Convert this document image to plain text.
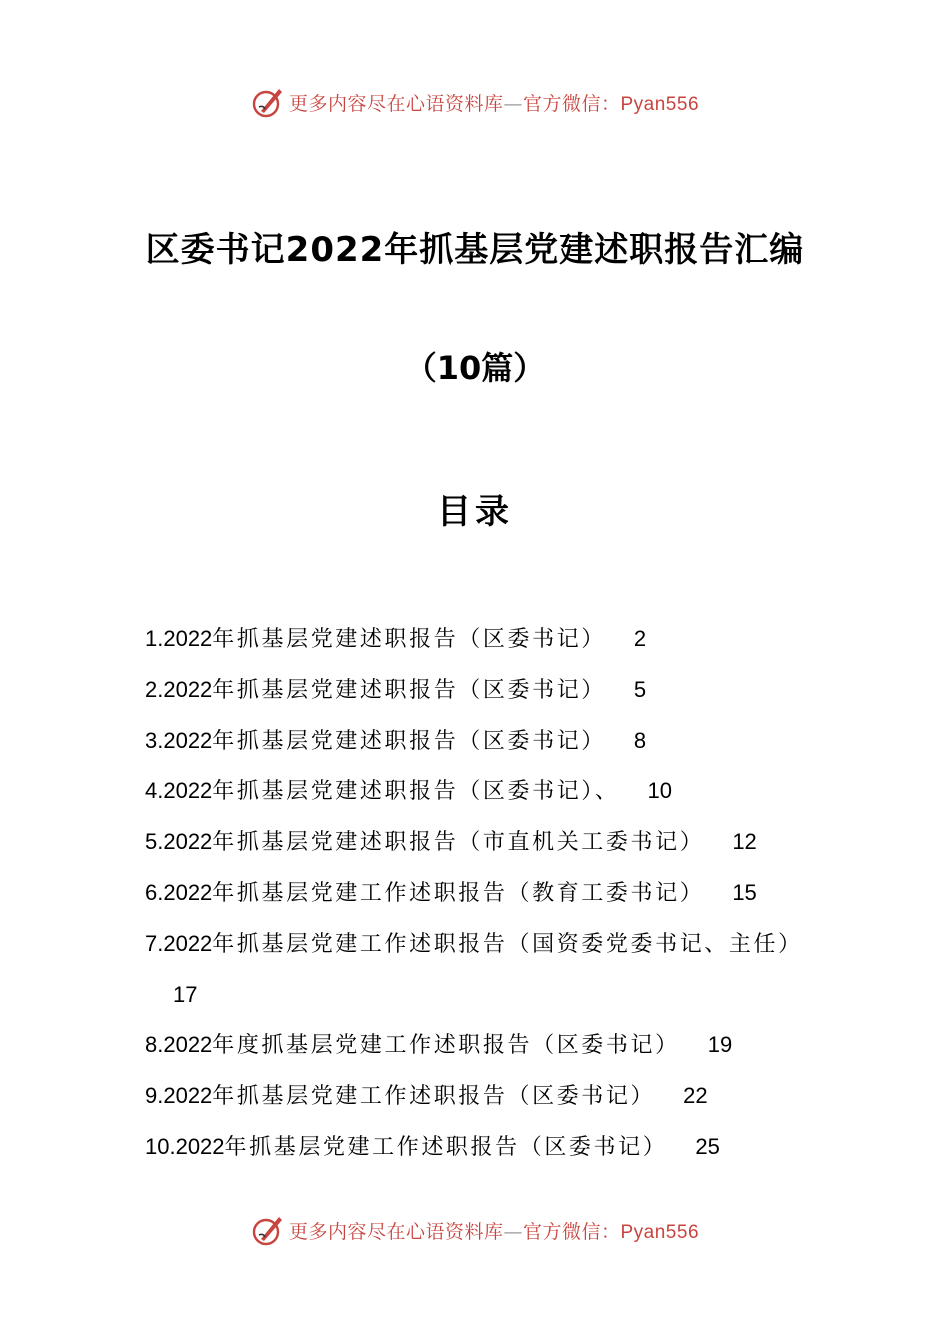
更多内容尽在心语资料库—官方微信：Pyan556
区委书记2022年抓基层党建述职报告汇编
（10篇）
目录
1.2022年抓基层党建述职报告（区委书记） 2
2.2022年抓基层党建述职报告（区委书记） 5
3.2022年抓基层党建述职报告（区委书记） 8
4.2022年抓基层党建述职报告（区委书记）、 10
5.2022年抓基层党建述职报告（市直机关工委书记） 12
6.2022年抓基层党建工作述职报告（教育工委书记） 15
7.2022年抓基层党建工作述职报告（国资委党委书记、主任）17
8.2022年度抓基层党建工作述职报告（区委书记） 19
9.2022年抓基层党建工作述职报告（区委书记） 22
10.2022年抓基层党建工作述职报告（区委书记） 25
更多内容尽在心语资料库—官方微信：Pyan556
